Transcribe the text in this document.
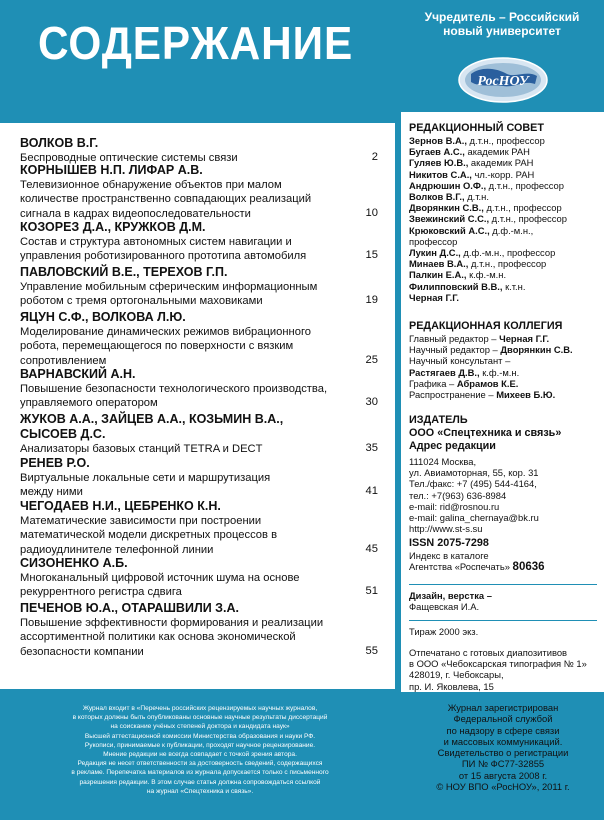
СОДЕРЖАНИЕ
ВОЛКОВ В.Г.
Беспроводные оптические системы связи	2
КОРНЫШЕВ Н.П. ЛИФАР А.В.
Телевизионное обнаружение объектов при малом
количестве пространственно совпадающих реализаций
сигнала в кадрах видеопоследовательности	10
КОЗОРЕЗ Д.А., КРУЖКОВ Д.М.
Состав и структура автономных систем навигации и
управления роботизированного прототипа автомобиля	15
ПАВЛОВСКИЙ В.Е., ТЕРЕХОВ Г.П.
Управление мобильным сферическим информационным
роботом с тремя ортогональными маховиками	19
ЯЦУН С.Ф., ВОЛКОВА Л.Ю.
Моделирование динамических режимов вибрационного
робота, перемещающегося по поверхности с вязким
сопротивлением	25
ВАРНАВСКИЙ А.Н.
Повышение безопасности технологического производства,
управляемого оператором	30
ЖУКОВ А.А., ЗАЙЦЕВ А.А., КОЗЬМИН В.А.,
СЫСОЕВ Д.С.
Анализаторы базовых станций TETRA и DECT	35
РЕНЕВ Р.О.
Виртуальные локальные сети и маршрутизация
между ними	41
ЧЕГОДАЕВ Н.И., ЦЕБРЕНКО К.Н.
Математические зависимости при построении
математической модели дискретных процессов в
радиоудлинителе телефонной линии	45
СИЗОНЕНКО А.Б.
Многоканальный цифровой источник шума на основе
рекуррентного регистра сдвига	51
ПЕЧЕНОВ Ю.А., ОТАРАШВИЛИ З.А.
Повышение эффективности формирования и реализации
ассортиментной политики как основа экономической
безопасности компании	55
Журнал входит в «Перечень российских рецензируемых научных журналов,
в которых должны быть опубликованы основные научные результаты диссертаций
на соискание учёных степеней доктора и кандидата наук»
Высшей аттестационной комиссии Министерства образования и науки РФ.
Рукописи, принимаемые к публикации, проходят научное рецензирование.
Мнение редакции не всегда совпадает с точкой зрения автора.
Редакция не несет ответственности за достоверность сведений, содержащихся
в рекламе. Перепечатка материалов из журнала допускается только с письменного
разрешения редакции. В этом случае статья должна сопровождаться ссылкой
на журнал «Спецтехника и связь».
Учредитель – Российский
новый университет
РосНОУ
РЕДАКЦИОННЫЙ СОВЕТ
Зернов В.А., д.т.н., профессор
Бугаев А.С., академик РАН
Гуляев Ю.В., академик РАН
Никитов С.А., чл.-корр. РАН
Андрюшин О.Ф., д.т.н., профессор
Волков В.Г., д.т.н.
Дворянкин С.В., д.т.н., профессор
Звежинский С.С., д.т.н., профессор
Крюковский А.С., д.ф.-м.н.,
профессор
Лукин Д.С., д.ф.-м.н., профессор
Минаев В.А., д.т.н., профессор
Палкин Е.А., к.ф.-м.н.
Филипповский В.В., к.т.н.
Черная Г.Г.
РЕДАКЦИОННАЯ КОЛЛЕГИЯ
Главный редактор – Черная Г.Г.
Научный редактор – Дворянкин С.В.
Научный консультант –
Растягаев Д.В., к.ф.-м.н.
Графика – Абрамов К.Е.
Распространение – Михеев Б.Ю.
ИЗДАТЕЛЬ
ООО «Спецтехника и связь»
Адрес редакции
111024 Москва,
ул. Авиамоторная, 55, кор. 31
Тел./факс: +7 (495) 544-4164,
тел.: +7(963) 636-8984
e-mail: rid@rosnou.ru
e-mail: galina_chernaya@bk.ru
http://www.st-s.su
ISSN 2075-7298
Индекс в каталоге
Агентства «Роспечать» 80636
Дизайн, верстка –
Фащевская И.А.
Тираж 2000 экз.
Отпечатано с готовых диапозитивов
в ООО «Чебоксарская типография № 1»
428019, г. Чебоксары,
пр. И. Яковлева, 15
Журнал зарегистрирован
Федеральной службой
по надзору в сфере связи
и массовых коммуникаций.
Свидетельство о регистрации
ПИ № ФС77-32855
от 15 августа 2008 г.
© НОУ ВПО «РосНОУ», 2011 г.
